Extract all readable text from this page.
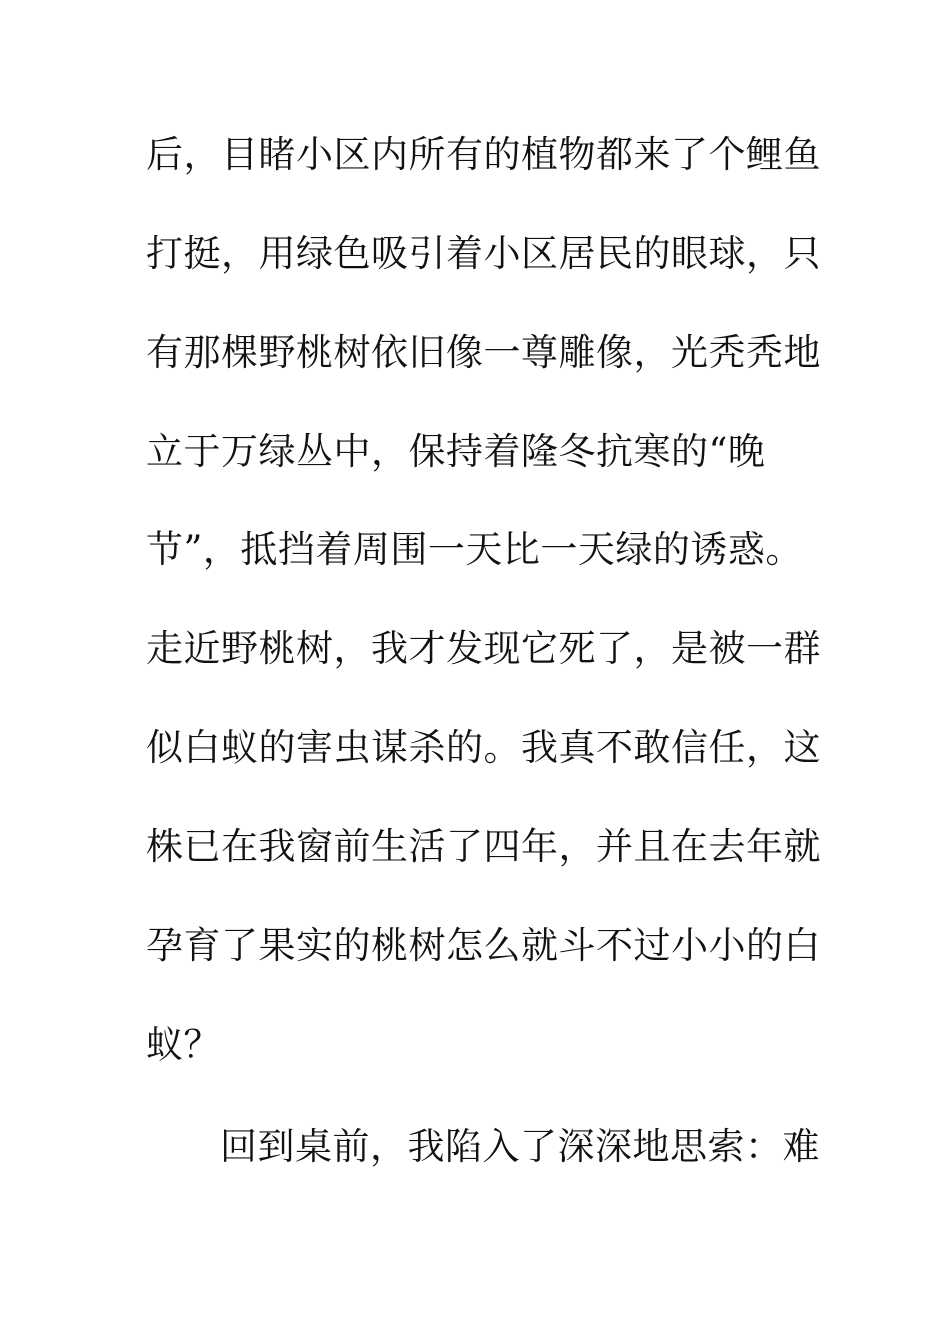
后，目睹小区内所有的植物都来了个鲤鱼
打挺，用绿色吸引着小区居民的眼球，只
有那棵野桃树依旧像一尊雕像，光秃秃地
立于万绿丛中，保持着隆冬抗寒的“晚
节”，抵挡着周围一天比一天绿的诱惑。
走近野桃树，我才发现它死了，是被一群
似白蚁的害虫谋杀的。我真不敢信任，这
株已在我窗前生活了四年，并且在去年就
孕育了果实的桃树怎么就斗不过小小的白
蚁？
回到桌前，我陷入了深深地思索：难
